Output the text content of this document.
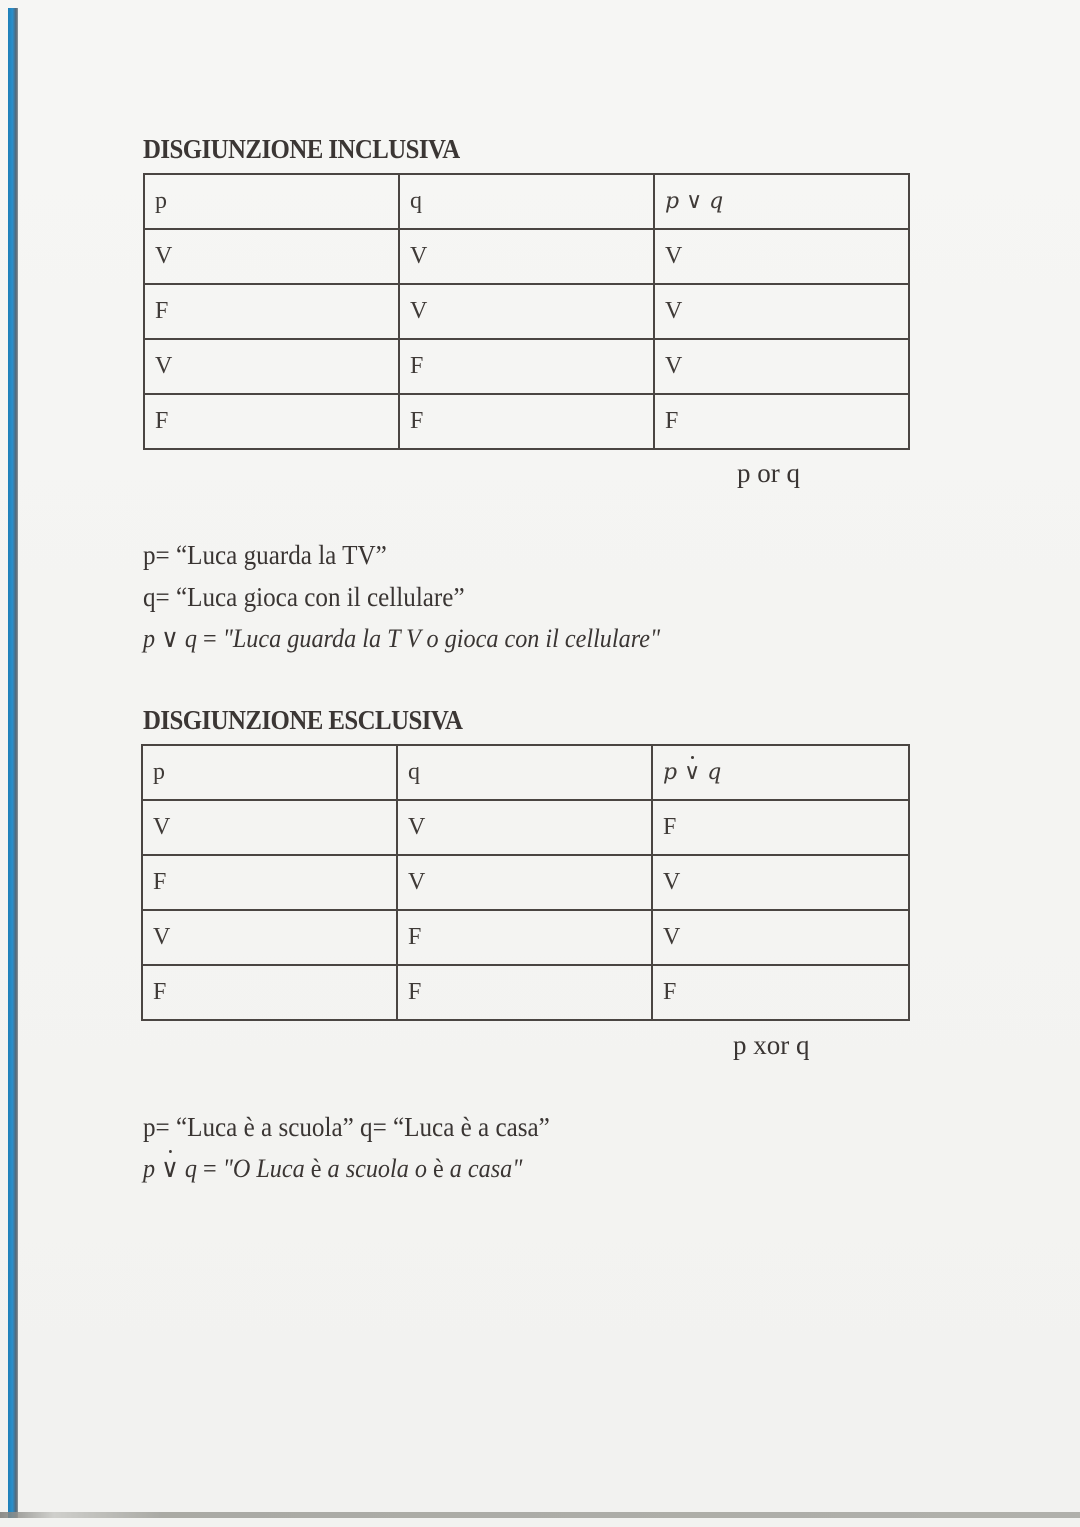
DISGIUNZIONE INCLUSIVA
p	q	p ∨ q
V	V	V
F	V	V
V	F	V
F	F	F
p or q
p= “Luca guarda la TV”
q= “Luca gioca con il cellulare”
p ∨ q = "Luca guarda la T V o gioca con il cellulare"
DISGIUNZIONE ESCLUSIVA
p	q	p ∨ q
V	V	F
F	V	V
V	F	V
F	F	F
p xor q
p= “Luca è a scuola” q= “Luca è a casa”
p ∨ q = "O Luca è a scuola o è a casa"
